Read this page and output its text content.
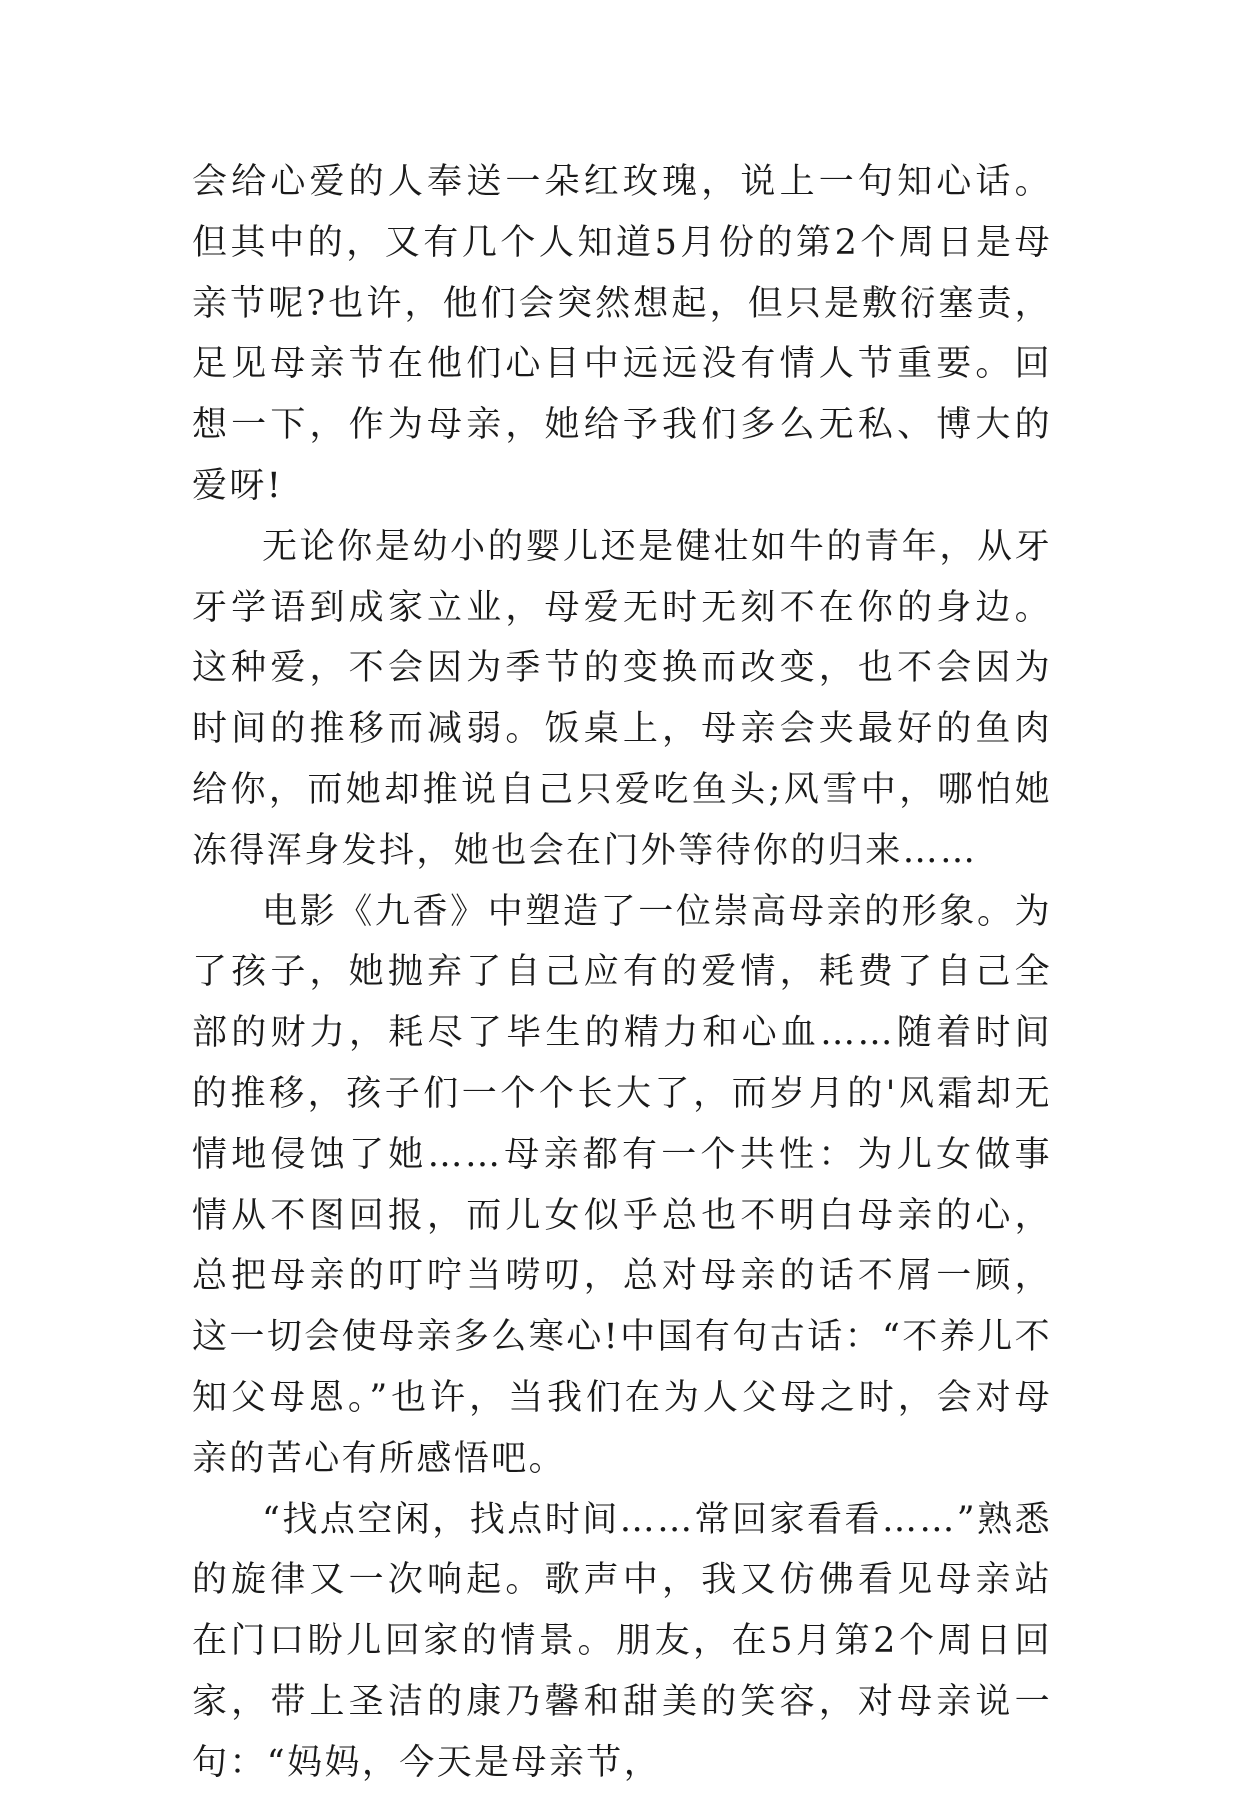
会给心爱的人奉送一朵红玫瑰，说上一句知心话。但其中的，又有几个人知道5月份的第2个周日是母亲节呢?也许，他们会突然想起，但只是敷衍塞责，足见母亲节在他们心目中远远没有情人节重要。回想一下，作为母亲，她给予我们多么无私、博大的爱呀!

无论你是幼小的婴儿还是健壮如牛的青年，从牙牙学语到成家立业，母爱无时无刻不在你的身边。这种爱，不会因为季节的变换而改变，也不会因为时间的推移而减弱。饭桌上，母亲会夹最好的鱼肉给你，而她却推说自己只爱吃鱼头;风雪中，哪怕她冻得浑身发抖，她也会在门外等待你的归来……

电影《九香》中塑造了一位崇高母亲的形象。为了孩子，她抛弃了自己应有的爱情，耗费了自己全部的财力，耗尽了毕生的精力和心血……随着时间的推移，孩子们一个个长大了，而岁月的'风霜却无情地侵蚀了她……母亲都有一个共性：为儿女做事情从不图回报，而儿女似乎总也不明白母亲的心，总把母亲的叮咛当唠叨，总对母亲的话不屑一顾，这一切会使母亲多么寒心!中国有句古话：“不养儿不知父母恩。”也许，当我们在为人父母之时，会对母亲的苦心有所感悟吧。

“找点空闲，找点时间……常回家看看……”熟悉的旋律又一次响起。歌声中，我又仿佛看见母亲站在门口盼儿回家的情景。朋友，在5月第2个周日回家，带上圣洁的康乃馨和甜美的笑容，对母亲说一句：“妈妈，今天是母亲节，
